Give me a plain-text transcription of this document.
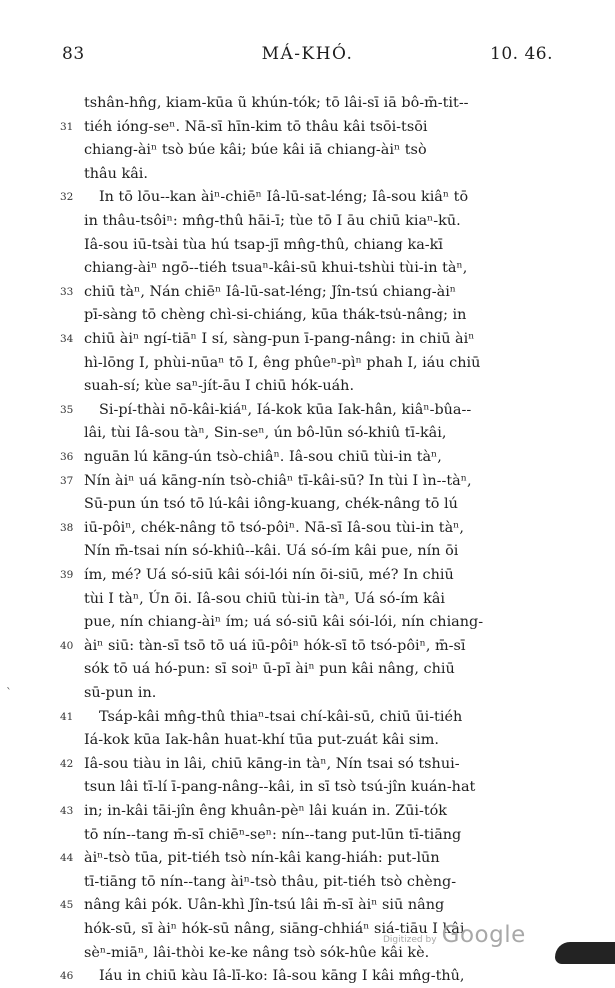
83	MÁ-KHÓ.	10. 46.
tshân-hn̂g, kiam-kūa ũ khún-tók; tō lâi-sī iā bô-m̄-tit--
31 tiéh ióng-seⁿ. Nā-sī hīn-kim tō thâu kâi tsōi-tsōi
chiang-àiⁿ tsò búe kâi; búe kâi iā chiang-àiⁿ tsò
thâu kâi.
32	In tō lōu--kan àiⁿ-chiēⁿ Iâ-lū-sat-léng; Iâ-sou kiâⁿ tō
in thâu-tsôiⁿ: mn̂g-thû hāi-ī; tùe tō I āu chiū kiaⁿ-kū.
Iâ-sou iū-tsài tùa hú tsap-jī mn̂g-thû, chiang ka-kī
chiang-àiⁿ ngō--tiéh tsuaⁿ-kâi-sū khui-tshùi tùi-in tàⁿ,
33 chiū tàⁿ, Nán chiēⁿ Iâ-lū-sat-léng; Jîn-tsú chiang-àiⁿ
pī-sàng tō chèng chì-si-chiáng, kūa thák-tsu̍-nâng; in
34 chiū àiⁿ ngí-tiāⁿ I sí, sàng-pun ī-pang-nâng: in chiū àiⁿ
hì-lōng I, phùi-nūaⁿ tō I, êng phûeⁿ-pìⁿ phah I, iáu chiū
suah-sí; kùe saⁿ-jít-āu I chiū hók-uáh.
35	Si-pí-thài nō-kâi-kiáⁿ, Iá-kok kūa Iak-hân, kiâⁿ-bûa--
lâi, tùi Iâ-sou tàⁿ, Sin-seⁿ, ún bô-lūn só-khiû tī-kâi,
36 nguān lú kāng-ún tsò-chiâⁿ. Iâ-sou chiū tùi-in tàⁿ,
37 Nín àiⁿ uá kāng-nín tsò-chiâⁿ tī-kâi-sū? In tùi I ìn--tàⁿ,
Sū-pun ún tsó tō lú-kâi iông-kuang, chék-nâng tō lú
38 iū-pôiⁿ, chék-nâng tō tsó-pôiⁿ. Nā-sī Iâ-sou tùi-in tàⁿ,
Nín m̄-tsai nín só-khiû--kâi. Uá só-ím kâi pue, nín ōi
39 ím, mé? Uá só-siū kâi sói-lói nín ōi-siū, mé? In chiū
tùi I tàⁿ, Ún ōi. Iâ-sou chiū tùi-in tàⁿ, Uá só-ím kâi
pue, nín chiang-àiⁿ ím; uá só-siū kâi sói-lói, nín chiang-
40 àiⁿ siū: tàn-sī tsō tō uá iū-pôiⁿ hók-sī tō tsó-pôiⁿ, m̄-sī
sók tō uá hó-pun: sī soiⁿ ū-pī àiⁿ pun kâi nâng, chiū
sū-pun in.
41	Tsáp-kâi mn̂g-thû thiaⁿ-tsai chí-kâi-sū, chiū ūi-tiéh
Iá-kok kūa Iak-hân huat-khí tūa put-zuát kâi sim.
42 Iâ-sou tiàu in lâi, chiū kāng-in tàⁿ, Nín tsai só tshui-
tsun lâi tī-lí ī-pang-nâng--kâi, in sī tsò tsú-jîn kuán-hat
43 in; in-kâi tāi-jîn êng khuân-pèⁿ lâi kuán in. Zūi-tók
tō nín--tang m̄-sī chiēⁿ-seⁿ: nín--tang put-lūn tī-tiāng
44 àiⁿ-tsò tūa, pit-tiéh tsò nín-kâi kang-hiáh: put-lūn
tī-tiāng tō nín--tang àiⁿ-tsò thâu, pit-tiéh tsò chèng-
45 nâng kâi pók. Uân-khì Jîn-tsú lâi m̄-sī àiⁿ siū nâng
hók-sū, sī àiⁿ hók-sū nâng, siāng-chhiáⁿ siá-tiāu I kâi
sèⁿ-miāⁿ, lâi-thòi ke-ke nâng tsò sók-hûe kâi kè.
46	Iáu in chiū kàu Iâ-lī-ko: Iâ-sou kāng I kâi mn̂g-thû,
`
Digitized by Google
